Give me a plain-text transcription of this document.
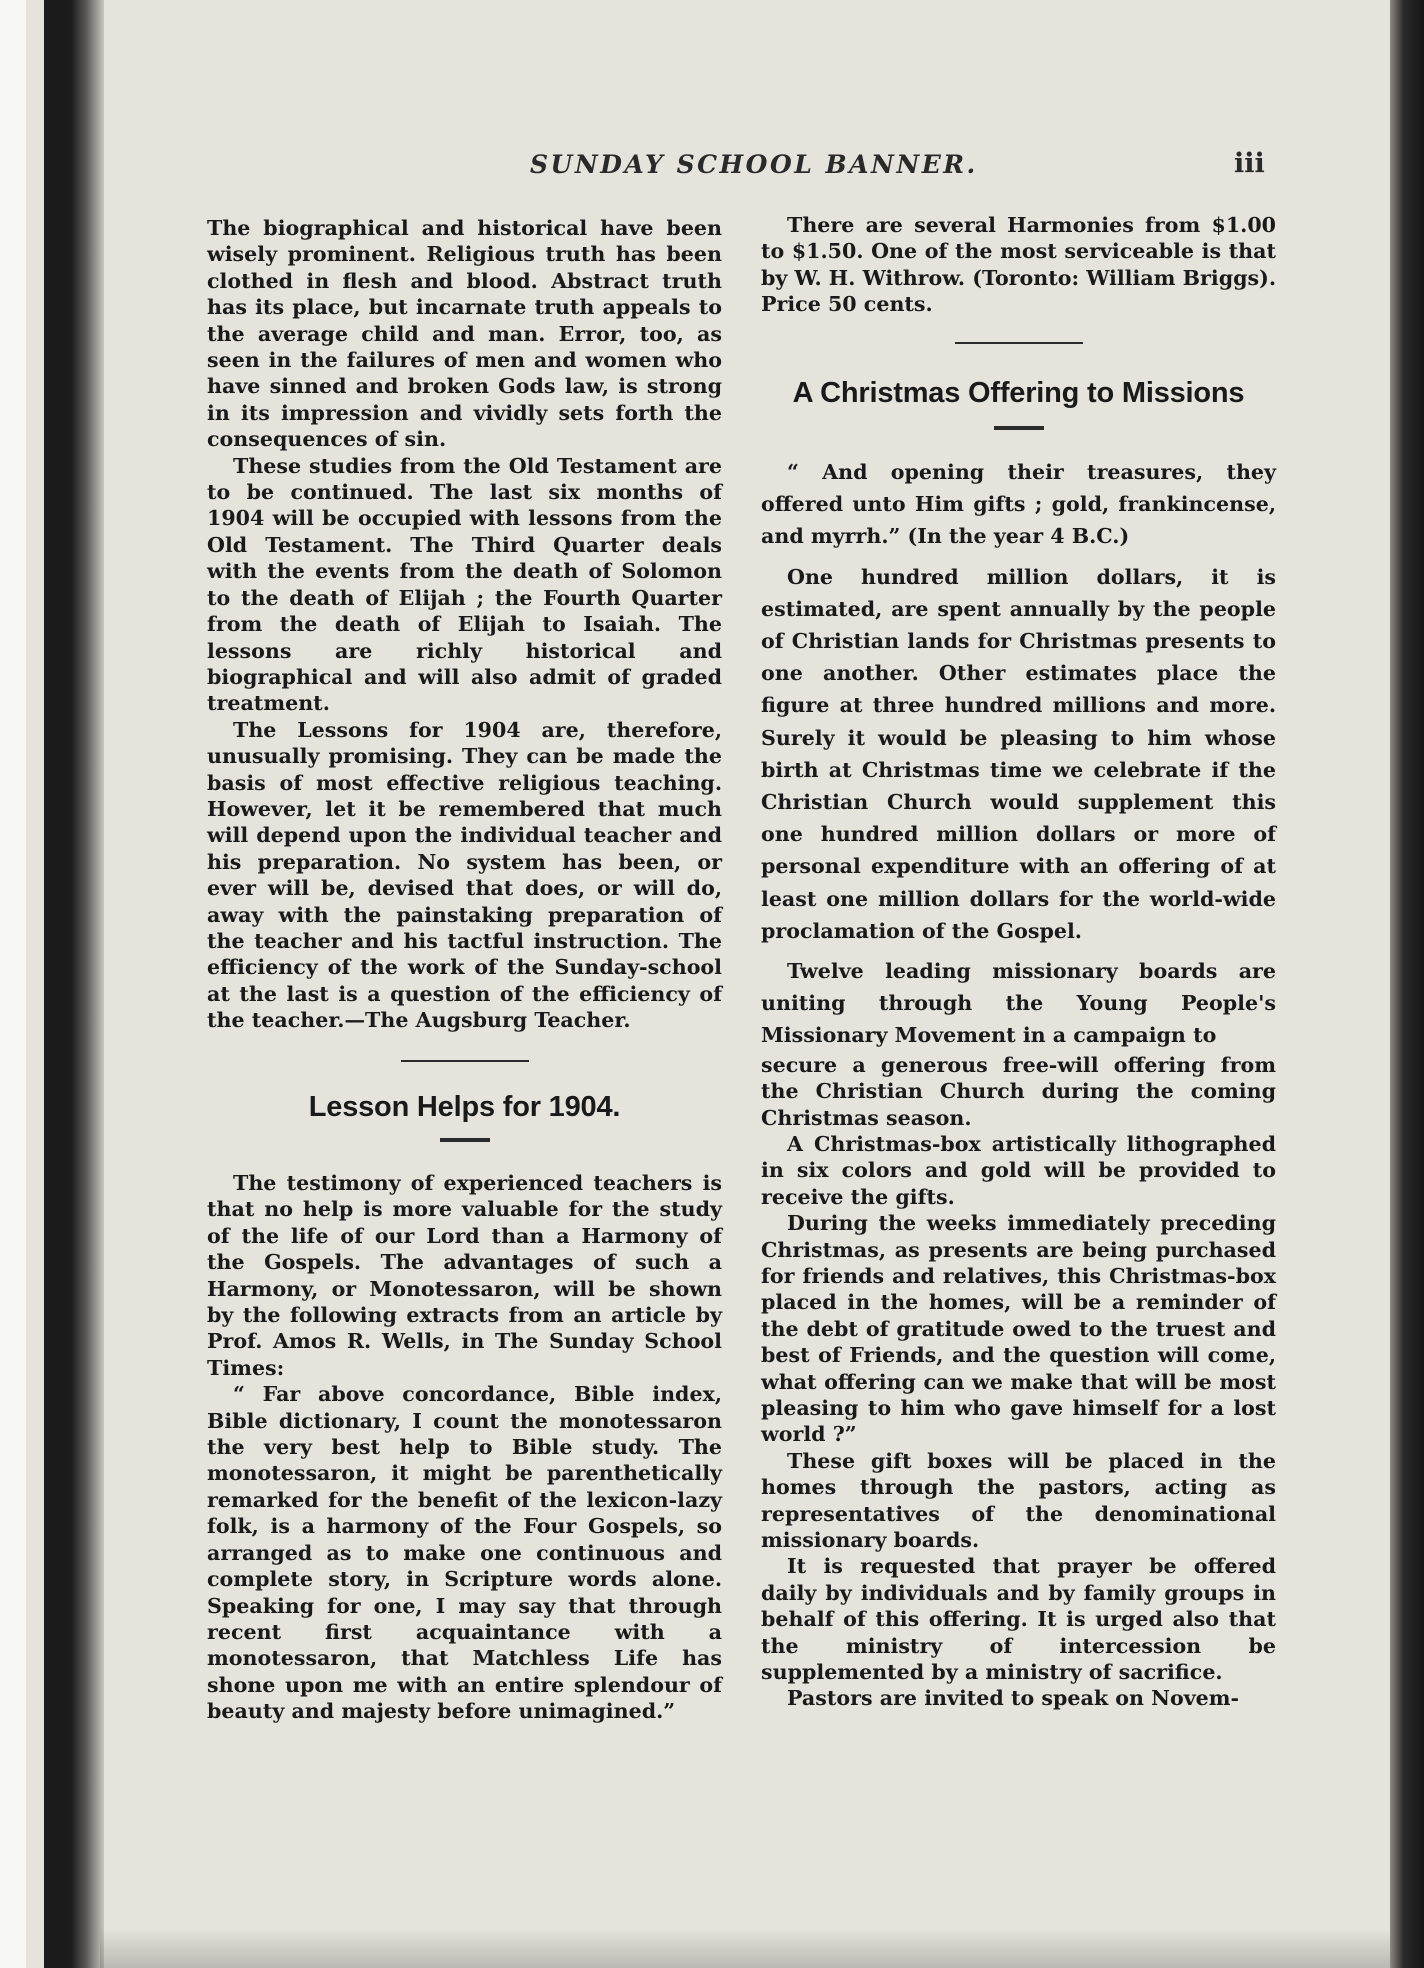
SUNDAY SCHOOL BANNER.	iii

The biographical and historical have been wisely prominent. Religious truth has been clothed in flesh and blood. Abstract truth has its place, but incarnate truth appeals to the average child and man. Error, too, as seen in the failures of men and women who have sinned and broken Gods law, is strong in its impression and vividly sets forth the consequences of sin.

These studies from the Old Testament are to be continued. The last six months of 1904 will be occupied with lessons from the Old Testament. The Third Quarter deals with the events from the death of Solomon to the death of Elijah ; the Fourth Quarter from the death of Elijah to Isaiah. The lessons are richly historical and biographical and will also admit of graded treatment.

The Lessons for 1904 are, therefore, unusually promising. They can be made the basis of most effective religious teaching. However, let it be remembered that much will depend upon the individual teacher and his preparation. No system has been, or ever will be, devised that does, or will do, away with the painstaking preparation of the teacher and his tactful instruction. The efficiency of the work of the Sunday-school at the last is a question of the efficiency of the teacher.—The Augsburg Teacher.

Lesson Helps for 1904.

The testimony of experienced teachers is that no help is more valuable for the study of the life of our Lord than a Harmony of the Gospels. The advantages of such a Harmony, or Monotessaron, will be shown by the following extracts from an article by Prof. Amos R. Wells, in The Sunday School Times:

“ Far above concordance, Bible index, Bible dictionary, I count the monotessaron the very best help to Bible study. The monotessaron, it might be parenthetically remarked for the benefit of the lexicon-lazy folk, is a harmony of the Four Gospels, so arranged as to make one continuous and complete story, in Scripture words alone. Speaking for one, I may say that through recent first acquaintance with a monotessaron, that Matchless Life has shone upon me with an entire splendour of beauty and majesty before unimagined.”

There are several Harmonies from $1.00 to $1.50. One of the most serviceable is that by W. H. Withrow. (Toronto: William Briggs). Price 50 cents.

A Christmas Offering to Missions

“ And opening their treasures, they offered unto Him gifts ; gold, frankincense, and myrrh.” (In the year 4 B.C.)

One hundred million dollars, it is estimated, are spent annually by the people of Christian lands for Christmas presents to one another. Other estimates place the figure at three hundred millions and more. Surely it would be pleasing to him whose birth at Christmas time we celebrate if the Christian Church would supplement this one hundred million dollars or more of personal expenditure with an offering of at least one million dollars for the world-wide proclamation of the Gospel.

Twelve leading missionary boards are uniting through the Young People's Missionary Movement in a campaign to

secure a generous free-will offering from the Christian Church during the coming Christmas season.

A Christmas-box artistically lithographed in six colors and gold will be provided to receive the gifts.

During the weeks immediately preceding Christmas, as presents are being purchased for friends and relatives, this Christmas-box placed in the homes, will be a reminder of the debt of gratitude owed to the truest and best of Friends, and the question will come, what offering can we make that will be most pleasing to him who gave himself for a lost world ?”

These gift boxes will be placed in the homes through the pastors, acting as representatives of the denominational missionary boards.

It is requested that prayer be offered daily by individuals and by family groups in behalf of this offering. It is urged also that the ministry of intercession be supplemented by a ministry of sacrifice.

Pastors are invited to speak on Novem-
